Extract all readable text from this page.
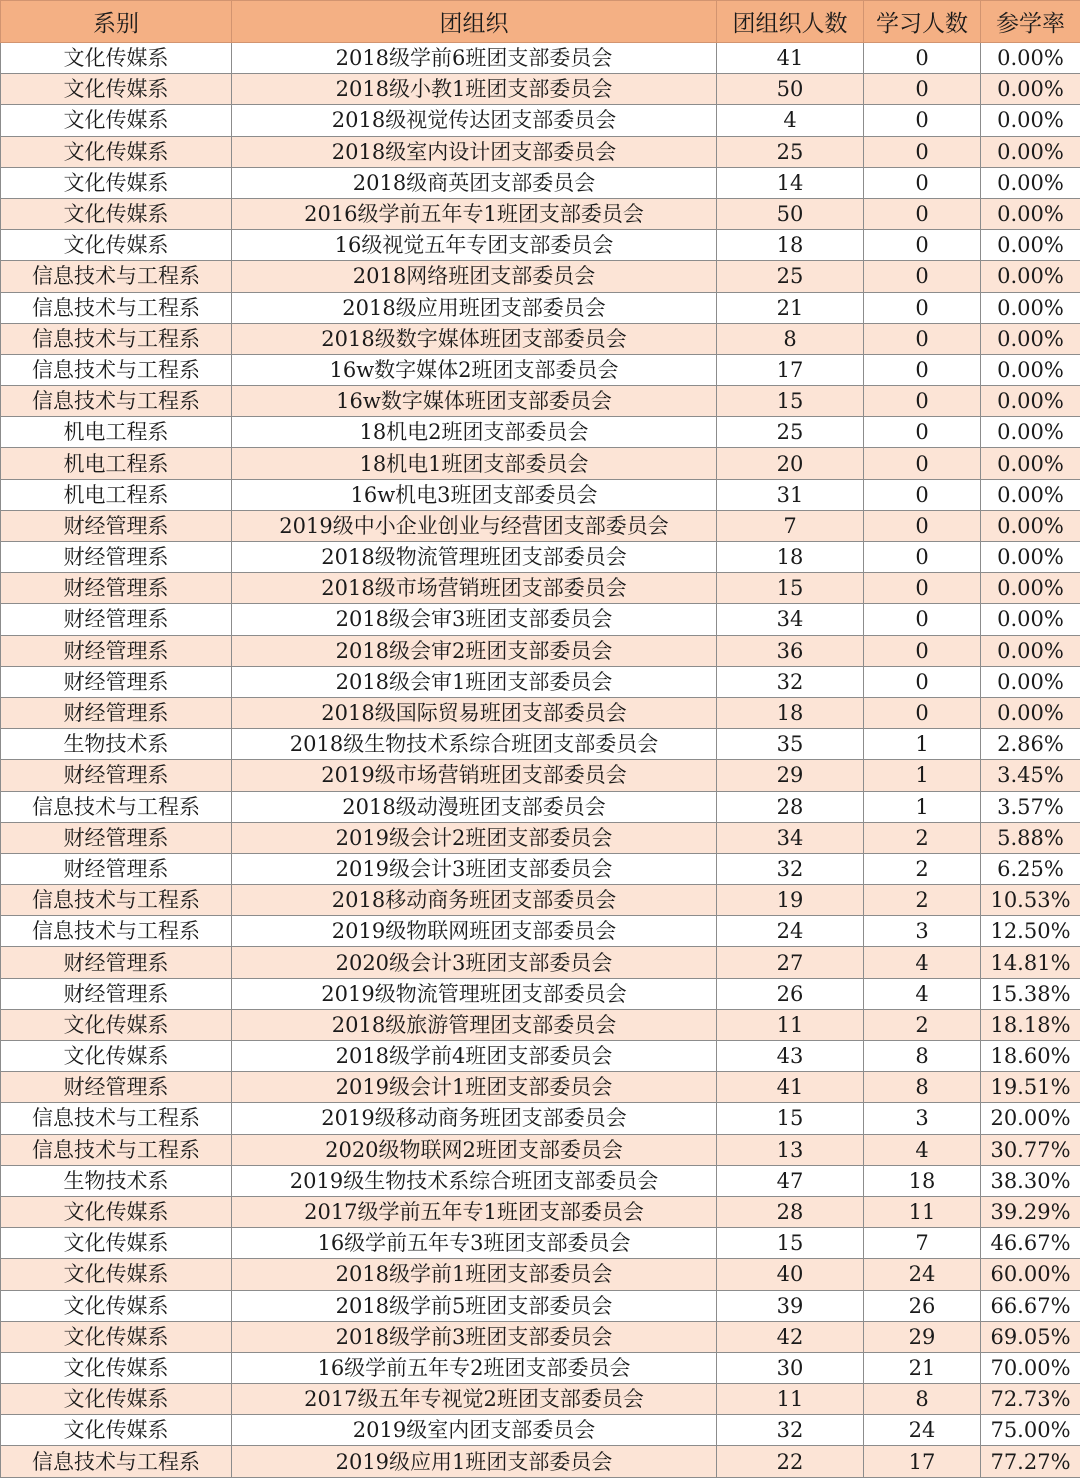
系别	团组织	团组织人数	学习人数	参学率
文化传媒系	2018级学前6班团支部委员会	41	0	0.00%
文化传媒系	2018级小教1班团支部委员会	50	0	0.00%
文化传媒系	2018级视觉传达团支部委员会	4	0	0.00%
文化传媒系	2018级室内设计团支部委员会	25	0	0.00%
文化传媒系	2018级商英团支部委员会	14	0	0.00%
文化传媒系	2016级学前五年专1班团支部委员会	50	0	0.00%
文化传媒系	16级视觉五年专团支部委员会	18	0	0.00%
信息技术与工程系	2018网络班团支部委员会	25	0	0.00%
信息技术与工程系	2018级应用班团支部委员会	21	0	0.00%
信息技术与工程系	2018级数字媒体班团支部委员会	8	0	0.00%
信息技术与工程系	16w数字媒体2班团支部委员会	17	0	0.00%
信息技术与工程系	16w数字媒体班团支部委员会	15	0	0.00%
机电工程系	18机电2班团支部委员会	25	0	0.00%
机电工程系	18机电1班团支部委员会	20	0	0.00%
机电工程系	16w机电3班团支部委员会	31	0	0.00%
财经管理系	2019级中小企业创业与经营团支部委员会	7	0	0.00%
财经管理系	2018级物流管理班团支部委员会	18	0	0.00%
财经管理系	2018级市场营销班团支部委员会	15	0	0.00%
财经管理系	2018级会审3班团支部委员会	34	0	0.00%
财经管理系	2018级会审2班团支部委员会	36	0	0.00%
财经管理系	2018级会审1班团支部委员会	32	0	0.00%
财经管理系	2018级国际贸易班团支部委员会	18	0	0.00%
生物技术系	2018级生物技术系综合班团支部委员会	35	1	2.86%
财经管理系	2019级市场营销班团支部委员会	29	1	3.45%
信息技术与工程系	2018级动漫班团支部委员会	28	1	3.57%
财经管理系	2019级会计2班团支部委员会	34	2	5.88%
财经管理系	2019级会计3班团支部委员会	32	2	6.25%
信息技术与工程系	2018移动商务班团支部委员会	19	2	10.53%
信息技术与工程系	2019级物联网班团支部委员会	24	3	12.50%
财经管理系	2020级会计3班团支部委员会	27	4	14.81%
财经管理系	2019级物流管理班团支部委员会	26	4	15.38%
文化传媒系	2018级旅游管理团支部委员会	11	2	18.18%
文化传媒系	2018级学前4班团支部委员会	43	8	18.60%
财经管理系	2019级会计1班团支部委员会	41	8	19.51%
信息技术与工程系	2019级移动商务班团支部委员会	15	3	20.00%
信息技术与工程系	2020级物联网2班团支部委员会	13	4	30.77%
生物技术系	2019级生物技术系综合班团支部委员会	47	18	38.30%
文化传媒系	2017级学前五年专1班团支部委员会	28	11	39.29%
文化传媒系	16级学前五年专3班团支部委员会	15	7	46.67%
文化传媒系	2018级学前1班团支部委员会	40	24	60.00%
文化传媒系	2018级学前5班团支部委员会	39	26	66.67%
文化传媒系	2018级学前3班团支部委员会	42	29	69.05%
文化传媒系	16级学前五年专2班团支部委员会	30	21	70.00%
文化传媒系	2017级五年专视觉2班团支部委员会	11	8	72.73%
文化传媒系	2019级室内团支部委员会	32	24	75.00%
信息技术与工程系	2019级应用1班团支部委员会	22	17	77.27%
